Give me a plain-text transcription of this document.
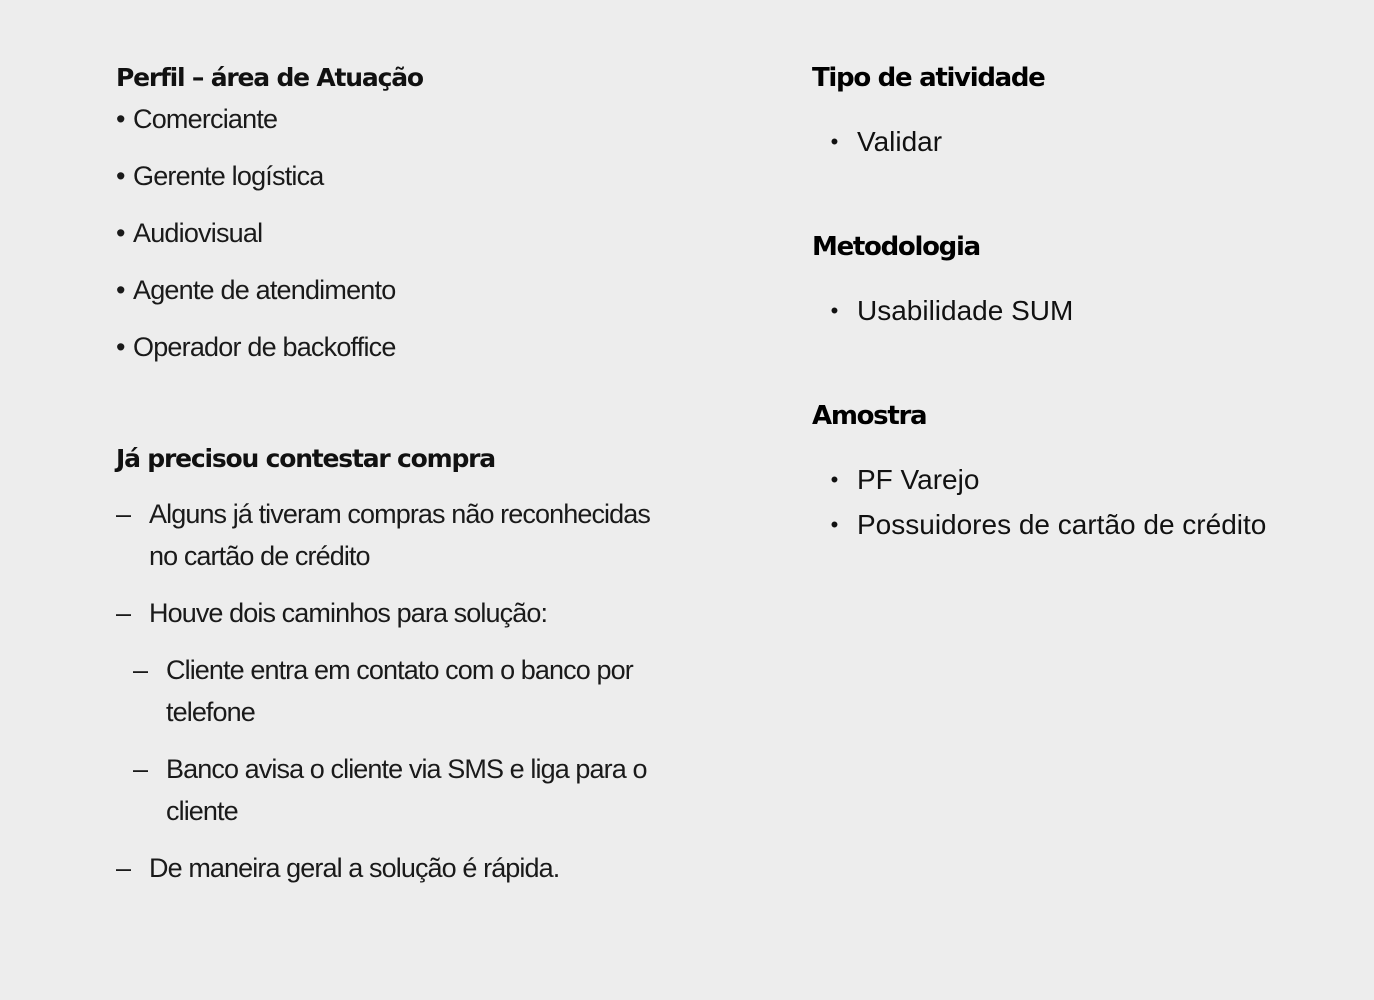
Perfil – área de Atuação
• Comerciante
• Gerente logística
• Audiovisual
• Agente de atendimento
• Operador de backoffice
Já precisou contestar compra
– Alguns já tiveram compras não reconhecidas no cartão de crédito
– Houve dois caminhos para solução:
– Cliente entra em contato com o banco por telefone
– Banco avisa o cliente via SMS e liga para o cliente
– De maneira geral a solução é rápida.
Tipo de atividade
• Validar
Metodologia
• Usabilidade SUM
Amostra
• PF Varejo
• Possuidores de cartão de crédito
